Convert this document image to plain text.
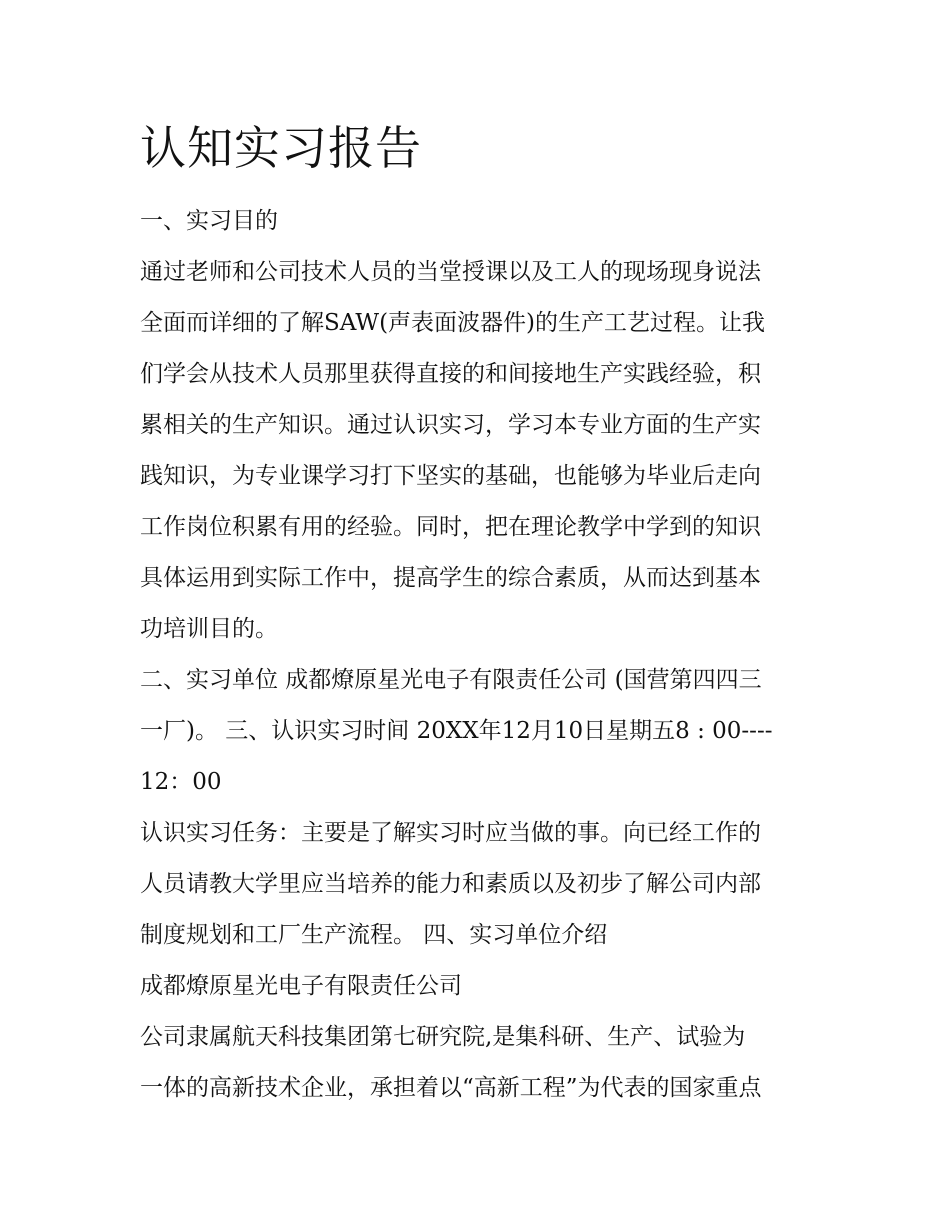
认知实习报告

一、实习目的

通过老师和公司技术人员的当堂授课以及工人的现场现身说法

全面而详细的了解SAW(声表面波器件)的生产工艺过程。让我

们学会从技术人员那里获得直接的和间接地生产实践经验，积

累相关的生产知识。通过认识实习，学习本专业方面的生产实

践知识，为专业课学习打下坚实的基础，也能够为毕业后走向

工作岗位积累有用的经验。同时，把在理论教学中学到的知识

具体运用到实际工作中，提高学生的综合素质，从而达到基本

功培训目的。

二、实习单位 成都燎原星光电子有限责任公司 (国营第四四三

一厂)。 三、认识实习时间 20XX年12月10日星期五8 : 00----

12：00

认识实习任务：主要是了解实习时应当做的事。向已经工作的

人员请教大学里应当培养的能力和素质以及初步了解公司内部

制度规划和工厂生产流程。 四、实习单位介绍

成都燎原星光电子有限责任公司

公司隶属航天科技集团第七研究院,是集科研、生产、试验为

一体的高新技术企业，承担着以“高新工程”为代表的国家重点
